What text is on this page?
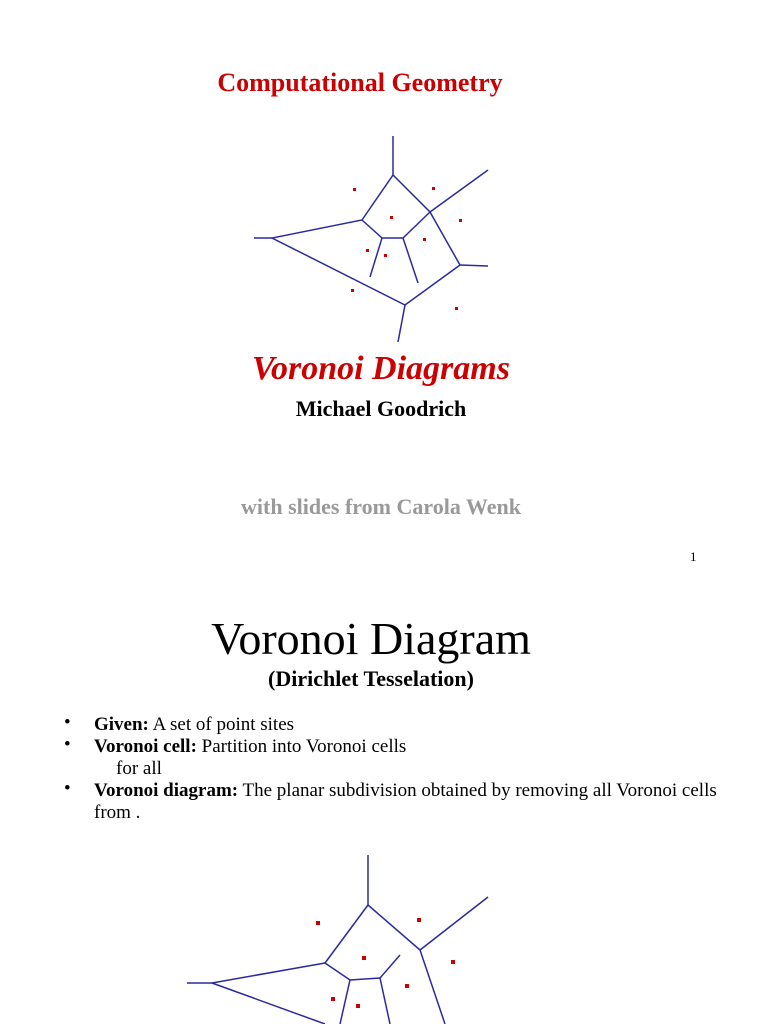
Computational Geometry
Voronoi Diagrams
Michael Goodrich
with slides from Carola Wenk
1
Voronoi Diagram
(Dirichlet Tesselation)
• Given: A set of point sites
• Voronoi cell: Partition into Voronoi cells
for all
• Voronoi diagram: The planar subdivision obtained by removing all Voronoi cells from .
